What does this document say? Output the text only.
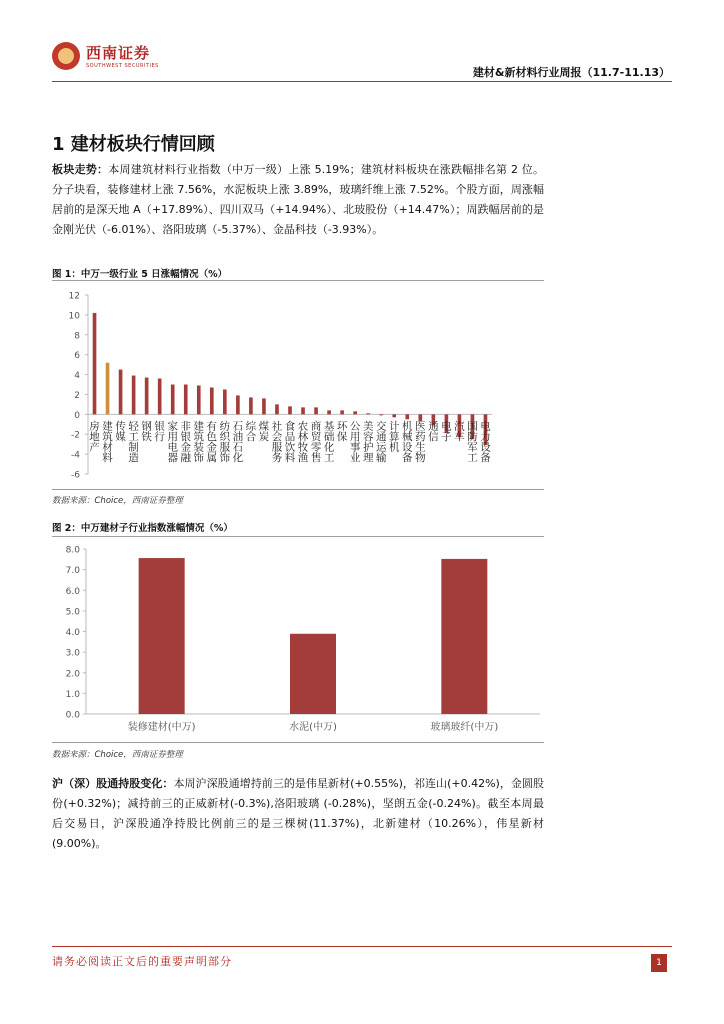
西南证券
SOUTHWEST SECURITIES	建材&新材料行业周报（11.7-11.13）
1 建材板块行情回顾
板块走势：本周建筑材料行业指数（中万一级）上涨 5.19%；建筑材料板块在涨跌幅排名第 2 位。分子块看，装修建材上涨 7.56%，水泥板块上涨 3.89%，玻璃纤维上涨 7.52%。个股方面，周涨幅居前的是深天地 A（+17.89%）、四川双马（+14.94%）、北玻股份（+14.47%）；周跌幅居前的是金刚光伏（-6.01%）、洛阳玻璃（-5.37%）、金晶科技（-3.93%）。
图 1：中万一级行业 5 日涨幅情况（%）
12
10
8
6
4
2
0
-2
-4
-6
房
地
产
建
筑
材
料
传
媒
轻
工
制
造
钢
铁
银
行
家
用
电
器
非
银
金
融
建
筑
装
饰
有
色
金
属
纺
织
服
饰
石
油
石
化
综
合
煤
炭
社
会
服
务
食
品
饮
料
农
林
牧
渔
商
贸
零
售
基
础
化
工
环
保
公
用
事
业
美
容
护
理
交
通
运
输
计
算
机
机
械
设
备
医
药
生
物
通
信
电
子
汽
车
国
防
军
工
电
力
设
备
数据来源：Choice，西南证券整理
图 2：中万建材子行业指数涨幅情况（%）
8.0
7.0
6.0
5.0
4.0
3.0
2.0
1.0
0.0
装修建材(中万)	水泥(中万)	玻璃玻纤(中万)
数据来源：Choice，西南证券整理
沪（深）股通持股变化：本周沪深股通增持前三的是伟星新材(+0.55%)，祁连山(+0.42%)，金圆股份(+0.32%)；减持前三的正威新材(-0.3%),洛阳玻璃 (-0.28%)，坚朗五金(-0.24%)。截至本周最后交易日，沪深股通净持股比例前三的是三棵树(11.37%)，北新建材（10.26%），伟星新材(9.00%)。
请务必阅读正文后的重要声明部分	1
